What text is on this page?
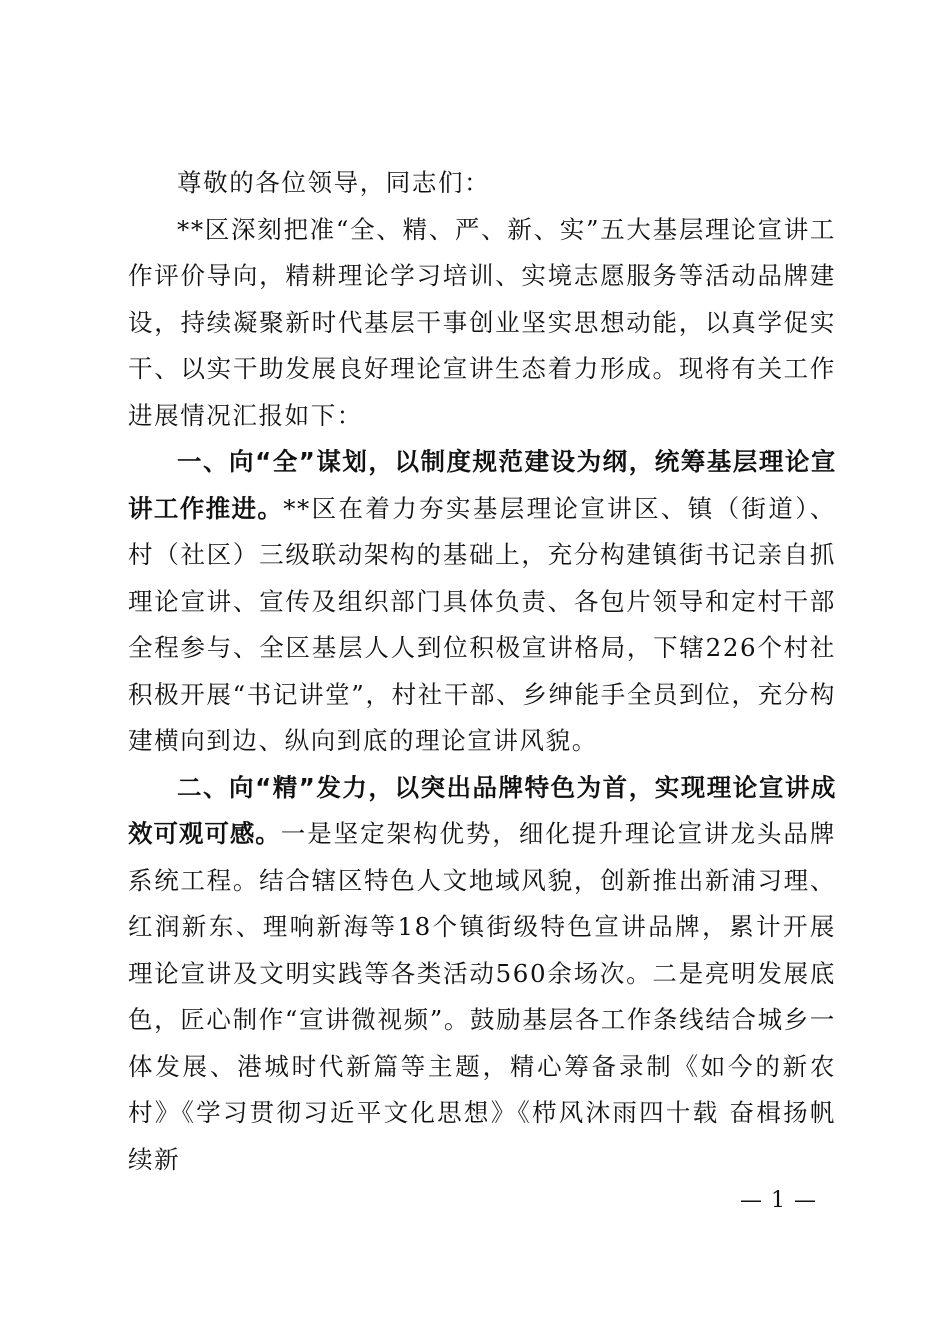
尊敬的各位领导，同志们：

**区深刻把准“全、精、严、新、实”五大基层理论宣讲工作评价导向，精耕理论学习培训、实境志愿服务等活动品牌建设，持续凝聚新时代基层干事创业坚实思想动能，以真学促实干、以实干助发展良好理论宣讲生态着力形成。现将有关工作进展情况汇报如下：

一、向“全”谋划，以制度规范建设为纲，统筹基层理论宣讲工作推进。**区在着力夯实基层理论宣讲区、镇（街道）、村（社区）三级联动架构的基础上，充分构建镇街书记亲自抓理论宣讲、宣传及组织部门具体负责、各包片领导和定村干部全程参与、全区基层人人到位积极宣讲格局，下辖226个村社积极开展“书记讲堂”，村社干部、乡绅能手全员到位，充分构建横向到边、纵向到底的理论宣讲风貌。

二、向“精”发力，以突出品牌特色为首，实现理论宣讲成效可观可感。一是坚定架构优势，细化提升理论宣讲龙头品牌系统工程。结合辖区特色人文地域风貌，创新推出新浦习理、红润新东、理响新海等18个镇街级特色宣讲品牌，累计开展理论宣讲及文明实践等各类活动560余场次。二是亮明发展底色，匠心制作“宣讲微视频”。鼓励基层各工作条线结合城乡一体发展、港城时代新篇等主题，精心筹备录制《如今的新农村》《学习贯彻习近平文化思想》《栉风沐雨四十载 奋楫扬帆续新

— 1 —
